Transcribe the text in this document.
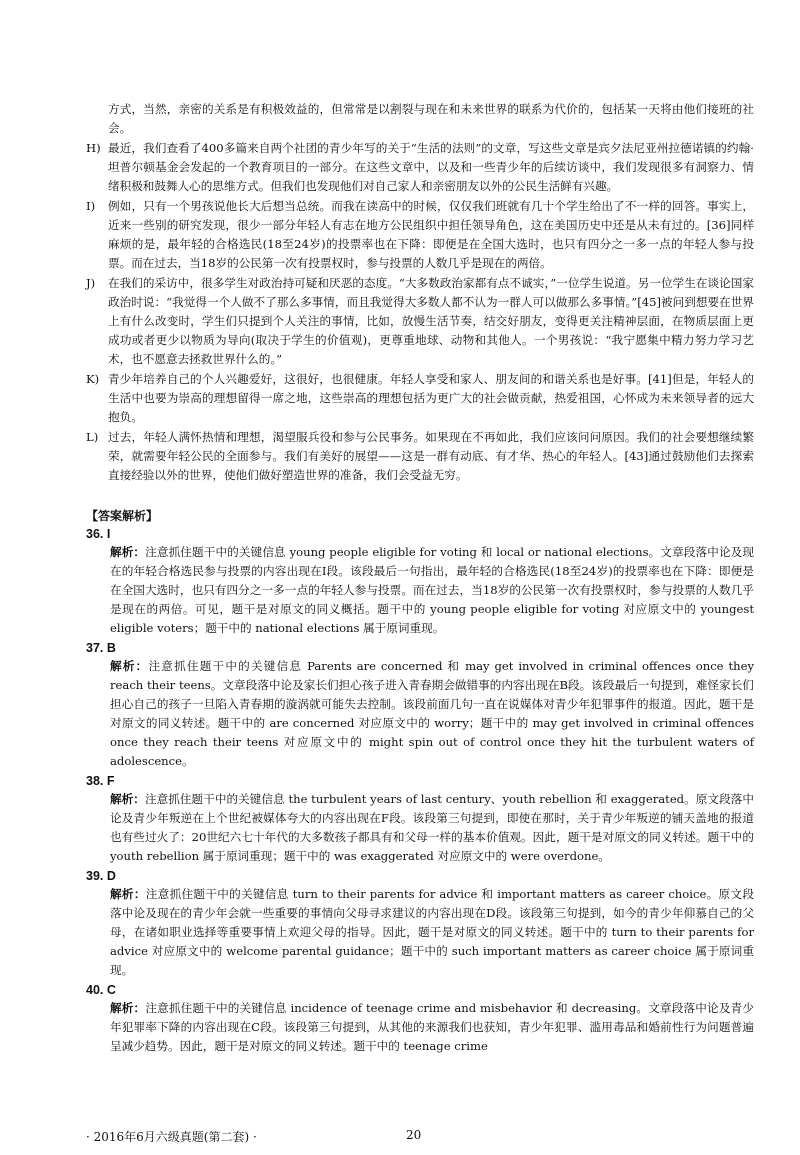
方式，当然，亲密的关系是有积极效益的，但常常是以割裂与现在和未来世界的联系为代价的，包括某一天将由他们接班的社会。

H) 最近，我们查看了400多篇来自两个社团的青少年写的关于“生活的法则”的文章，写这些文章是宾夕法尼亚州拉德诺镇的约翰·坦普尔顿基金会发起的一个教育项目的一部分。在这些文章中，以及和一些青少年的后续访谈中，我们发现很多有洞察力、情绪积极和鼓舞人心的思维方式。但我们也发现他们对自己家人和亲密朋友以外的公民生活鲜有兴趣。
I) 例如，只有一个男孩说他长大后想当总统。而我在读高中的时候，仅仅我们班就有几十个学生给出了不一样的回答。事实上，近来一些别的研究发现，很少一部分年轻人有志在地方公民组织中担任领导角色，这在美国历史中还是从未有过的。[36]同样麻烦的是，最年轻的合格选民(18至24岁)的投票率也在下降：即便是在全国大选时，也只有四分之一多一点的年轻人参与投票。而在过去，当18岁的公民第一次有投票权时，参与投票的人数几乎是现在的两倍。
J) 在我们的采访中，很多学生对政治持可疑和厌恶的态度。“大多数政治家都有点不诚实，”一位学生说道。另一位学生在谈论国家政治时说：“我觉得一个人做不了那么多事情，而且我觉得大多数人都不认为一群人可以做那么多事情。”[45]被问到想要在世界上有什么改变时，学生们只提到个人关注的事情，比如，放慢生活节奏，结交好朋友，变得更关注精神层面，在物质层面上更成功或者更少以物质为导向(取决于学生的价值观)，更尊重地球、动物和其他人。一个男孩说：“我宁愿集中精力努力学习艺术，也不愿意去拯救世界什么的。”
K) 青少年培养自己的个人兴趣爱好，这很好，也很健康。年轻人享受和家人、朋友间的和谐关系也是好事。[41]但是，年轻人的生活中也要为崇高的理想留得一席之地，这些崇高的理想包括为更广大的社会做贡献，热爱祖国，心怀成为未来领导者的远大抱负。
L) 过去，年轻人满怀热情和理想，渴望服兵役和参与公民事务。如果现在不再如此，我们应该问问原因。我们的社会要想继续繁荣，就需要年轻公民的全面参与。我们有美好的展望——这是一群有动底、有才华、热心的年轻人。[43]通过鼓励他们去探索直接经验以外的世界，使他们做好塑造世界的准备，我们会受益无穷。
【答案解析】
36. I

解析：注意抓住题干中的关键信息 young people eligible for voting 和 local or national elections。文章段落中论及现在的年轻合格选民参与投票的内容出现在I段。该段最后一句指出，最年轻的合格选民(18至24岁)的投票率也在下降：即便是在全国大选时，也只有四分之一多一点的年轻人参与投票。而在过去，当18岁的公民第一次有投票权时，参与投票的人数几乎是现在的两倍。可见，题干是对原文的同义概括。题干中的 young people eligible for voting 对应原文中的 youngest eligible voters；题干中的 national elections 属于原词重现。

37. B

解析：注意抓住题干中的关键信息 Parents are concerned 和 may get involved in criminal offences once they reach their teens。文章段落中论及家长们担心孩子进入青春期会做错事的内容出现在B段。该段最后一句提到，难怪家长们担心自己的孩子一旦陷入青春期的漩涡就可能失去控制。该段前面几句一直在说媒体对青少年犯罪事件的报道。因此，题干是对原文的同义转述。题干中的 are concerned 对应原文中的 worry；题干中的 may get involved in criminal offences once they reach their teens 对应原文中的 might spin out of control once they hit the turbulent waters of adolescence。

38. F

解析：注意抓住题干中的关键信息 the turbulent years of last century、youth rebellion 和 exaggerated。原文段落中论及青少年叛逆在上个世纪被媒体夸大的内容出现在F段。该段第三句提到，即使在那时，关于青少年叛逆的铺天盖地的报道也有些过火了：20世纪六七十年代的大多数孩子都具有和父母一样的基本价值观。因此，题干是对原文的同义转述。题干中的 youth rebellion 属于原词重现；题干中的 was exaggerated 对应原文中的 were overdone。

39. D

解析：注意抓住题干中的关键信息 turn to their parents for advice 和 important matters as career choice。原文段落中论及现在的青少年会就一些重要的事情向父母寻求建议的内容出现在D段。该段第三句提到，如今的青少年仰慕自己的父母，在诸如职业选择等重要事情上欢迎父母的指导。因此，题干是对原文的同义转述。题干中的 turn to their parents for advice 对应原文中的 welcome parental guidance；题干中的 such important matters as career choice 属于原词重现。

40. C

解析：注意抓住题干中的关键信息 incidence of teenage crime and misbehavior 和 decreasing。文章段落中论及青少年犯罪率下降的内容出现在C段。该段第三句提到，从其他的来源我们也获知，青少年犯罪、滥用毒品和婚前性行为问题普遍呈减少趋势。因此，题干是对原文的同义转述。题干中的 teenage crime

· 2016年6月六级真题(第二套) ·	20
